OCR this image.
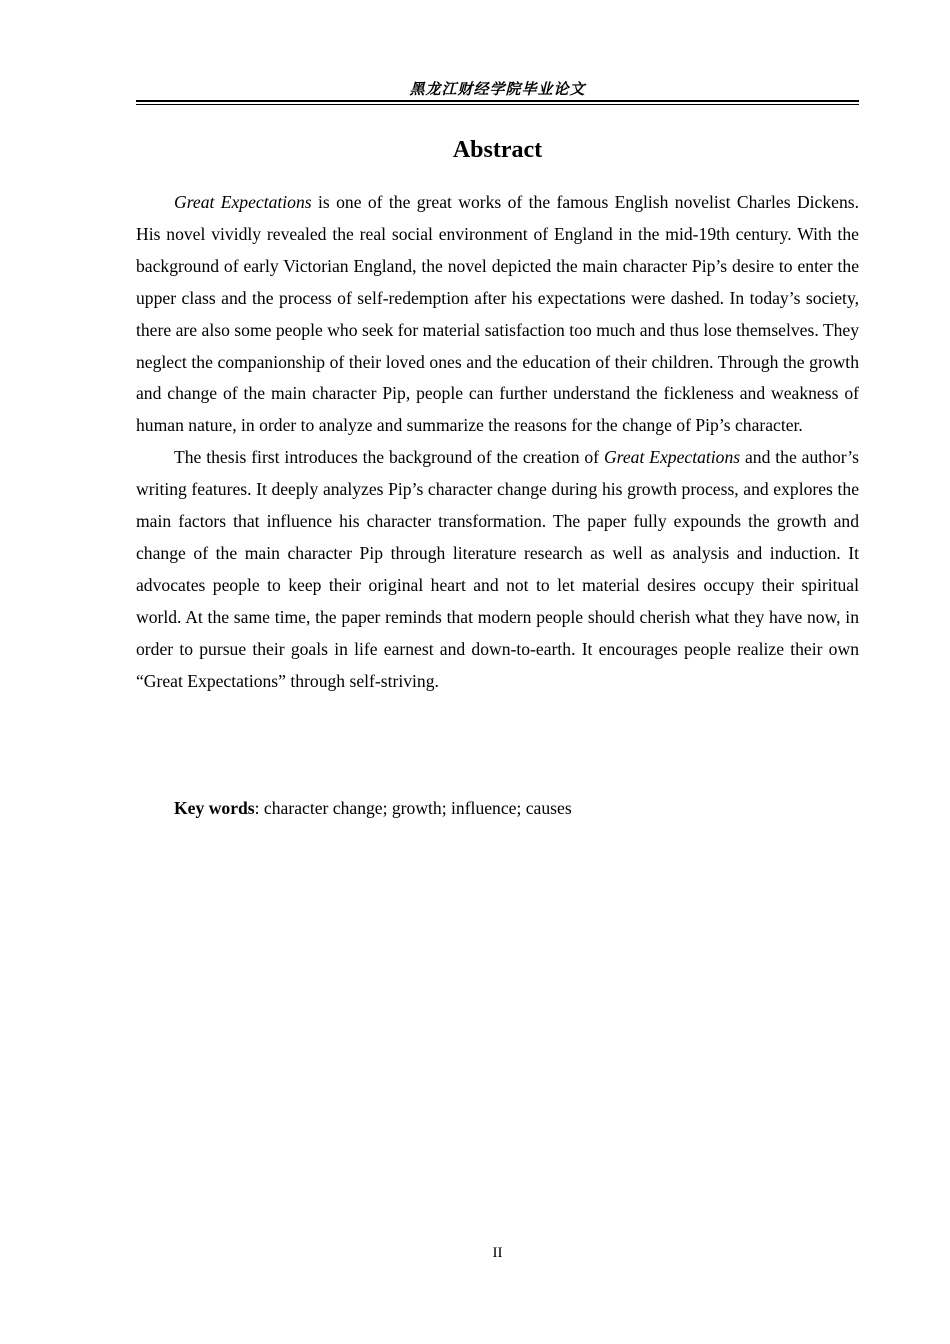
黑龙江财经学院毕业论文
Abstract

Great Expectations is one of the great works of the famous English novelist Charles Dickens. His novel vividly revealed the real social environment of England in the mid-19th century. With the background of early Victorian England, the novel depicted the main character Pip’s desire to enter the upper class and the process of self-redemption after his expectations were dashed. In today’s society, there are also some people who seek for material satisfaction too much and thus lose themselves. They neglect the companionship of their loved ones and the education of their children. Through the growth and change of the main character Pip, people can further understand the fickleness and weakness of human nature, in order to analyze and summarize the reasons for the change of Pip’s character.

The thesis first introduces the background of the creation of Great Expectations and the author’s writing features. It deeply analyzes Pip’s character change during his growth process, and explores the main factors that influence his character transformation. The paper fully expounds the growth and change of the main character Pip through literature research as well as analysis and induction. It advocates people to keep their original heart and not to let material desires occupy their spiritual world. At the same time, the paper reminds that modern people should cherish what they have now, in order to pursue their goals in life earnest and down-to-earth. It encourages people realize their own “Great Expectations” through self-striving.

Key words: character change; growth; influence; causes
II
